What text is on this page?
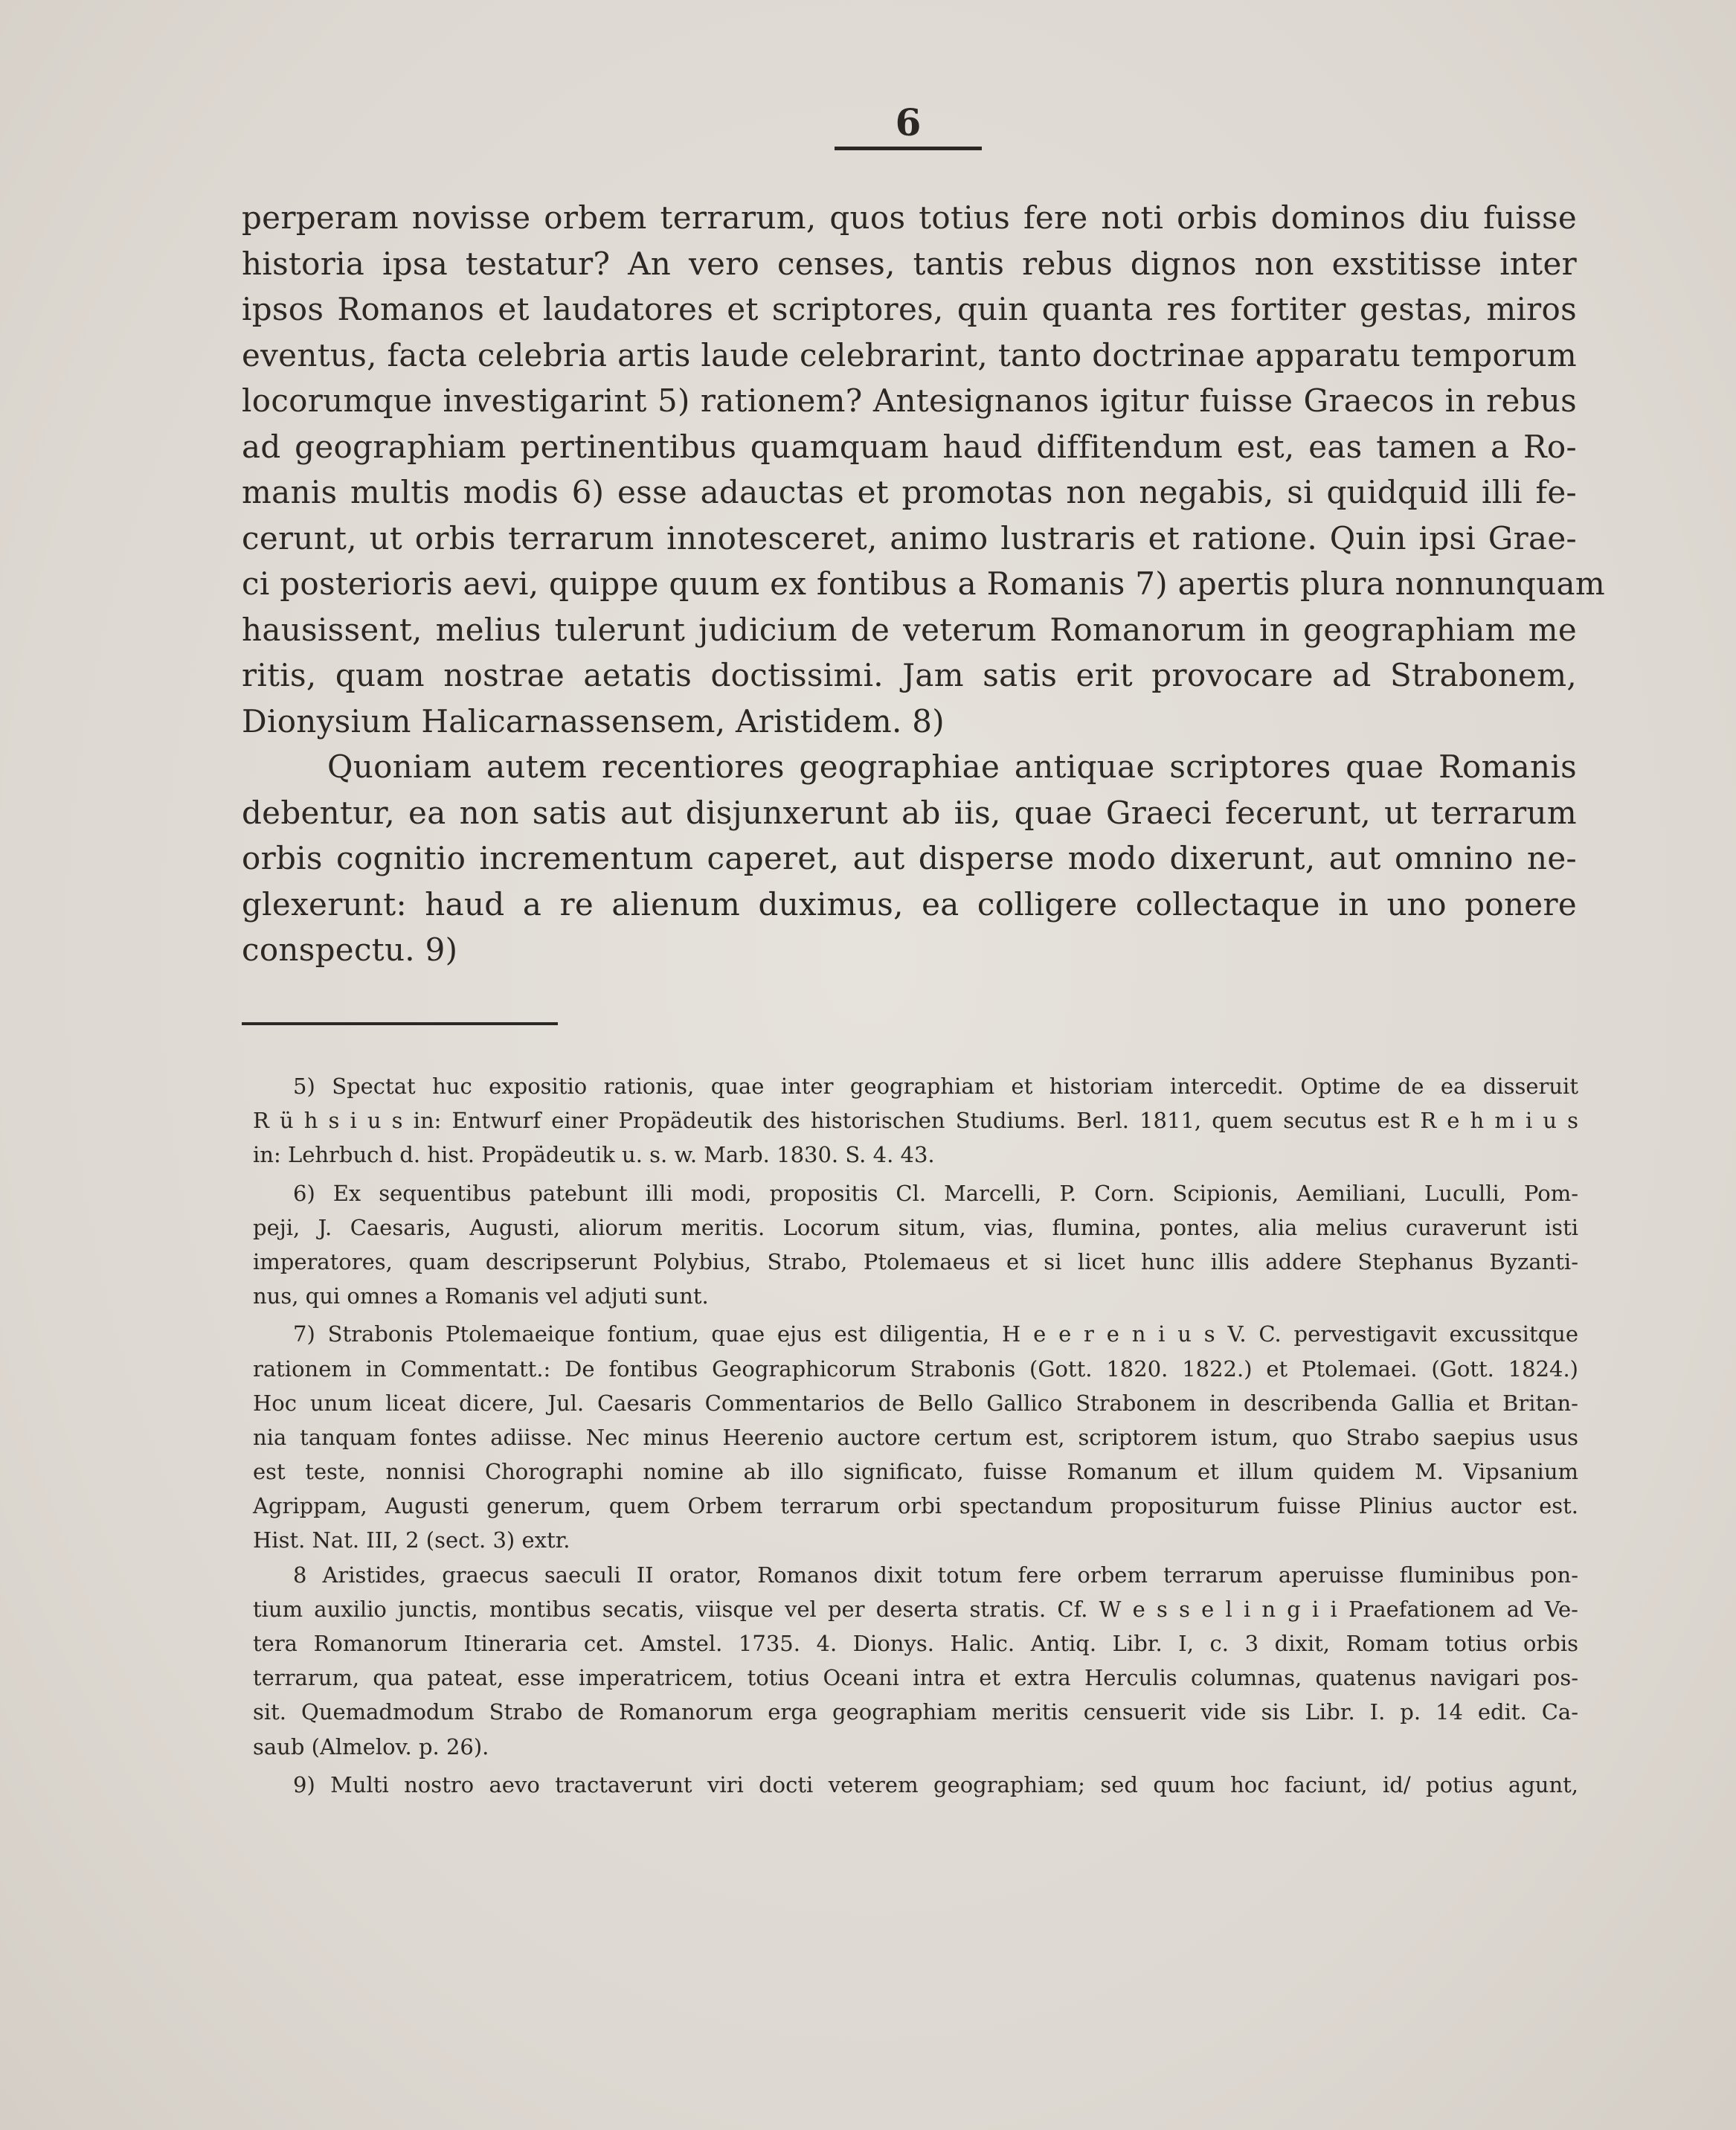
6
perperam novisse orbem terrarum, quos totius fere noti orbis dominos diu fuisse
historia ipsa testatur? An vero censes, tantis rebus dignos non exstitisse inter
ipsos Romanos et laudatores et scriptores, quin quanta res fortiter gestas, miros
eventus, facta celebria artis laude celebrarint, tanto doctrinae apparatu temporum
locorumque investigarint 5) rationem? Antesignanos igitur fuisse Graecos in rebus
ad geographiam pertinentibus quamquam haud diffitendum est, eas tamen a Ro-
manis multis modis 6) esse adauctas et promotas non negabis, si quidquid illi fe-
cerunt, ut orbis terrarum innotesceret, animo lustraris et ratione. Quin ipsi Grae-
ci posterioris aevi, quippe quum ex fontibus a Romanis 7) apertis plura nonnunquam
hausissent, melius tulerunt judicium de veterum Romanorum in geographiam me
ritis, quam nostrae aetatis doctissimi. Jam satis erit provocare ad Strabonem,
Dionysium Halicarnassensem, Aristidem. 8)
Quoniam autem recentiores geographiae antiquae scriptores quae Romanis
debentur, ea non satis aut disjunxerunt ab iis, quae Graeci fecerunt, ut terrarum
orbis cognitio incrementum caperet, aut disperse modo dixerunt, aut omnino ne-
glexerunt: haud a re alienum duximus, ea colligere collectaque in uno ponere
conspectu. 9)
5) Spectat huc expositio rationis, quae inter geographiam et historiam intercedit. Optime de ea disseruit
R ü h s i u s in: Entwurf einer Propädeutik des historischen Studiums. Berl. 1811, quem secutus est R e h m i u s
in: Lehrbuch d. hist. Propädeutik u. s. w. Marb. 1830. S. 4. 43.
6) Ex sequentibus patebunt illi modi, propositis Cl. Marcelli, P. Corn. Scipionis, Aemiliani, Luculli, Pom-
peji, J. Caesaris, Augusti, aliorum meritis. Locorum situm, vias, flumina, pontes, alia melius curaverunt isti
imperatores, quam descripserunt Polybius, Strabo, Ptolemaeus et si licet hunc illis addere Stephanus Byzanti-
nus, qui omnes a Romanis vel adjuti sunt.
7) Strabonis Ptolemaeique fontium, quae ejus est diligentia, H e e r e n i u s V. C. pervestigavit excussitque
rationem in Commentatt.: De fontibus Geographicorum Strabonis (Gott. 1820. 1822.) et Ptolemaei. (Gott. 1824.)
Hoc unum liceat dicere, Jul. Caesaris Commentarios de Bello Gallico Strabonem in describenda Gallia et Britan-
nia tanquam fontes adiisse. Nec minus Heerenio auctore certum est, scriptorem istum, quo Strabo saepius usus
est teste, nonnisi Chorographi nomine ab illo significato, fuisse Romanum et illum quidem M. Vipsanium
Agrippam, Augusti generum, quem Orbem terrarum orbi spectandum propositurum fuisse Plinius auctor est.
Hist. Nat. III, 2 (sect. 3) extr.
8 Aristides, graecus saeculi II orator, Romanos dixit totum fere orbem terrarum aperuisse fluminibus pon-
tium auxilio junctis, montibus secatis, viisque vel per deserta stratis. Cf. W e s s e l i n g i i Praefationem ad Ve-
tera Romanorum Itineraria cet. Amstel. 1735. 4. Dionys. Halic. Antiq. Libr. I, c. 3 dixit, Romam totius orbis
terrarum, qua pateat, esse imperatricem, totius Oceani intra et extra Herculis columnas, quatenus navigari pos-
sit. Quemadmodum Strabo de Romanorum erga geographiam meritis censuerit vide sis Libr. I. p. 14 edit. Ca-
saub (Almelov. p. 26).
9) Multi nostro aevo tractaverunt viri docti veterem geographiam; sed quum hoc faciunt, id/ potius agunt,
